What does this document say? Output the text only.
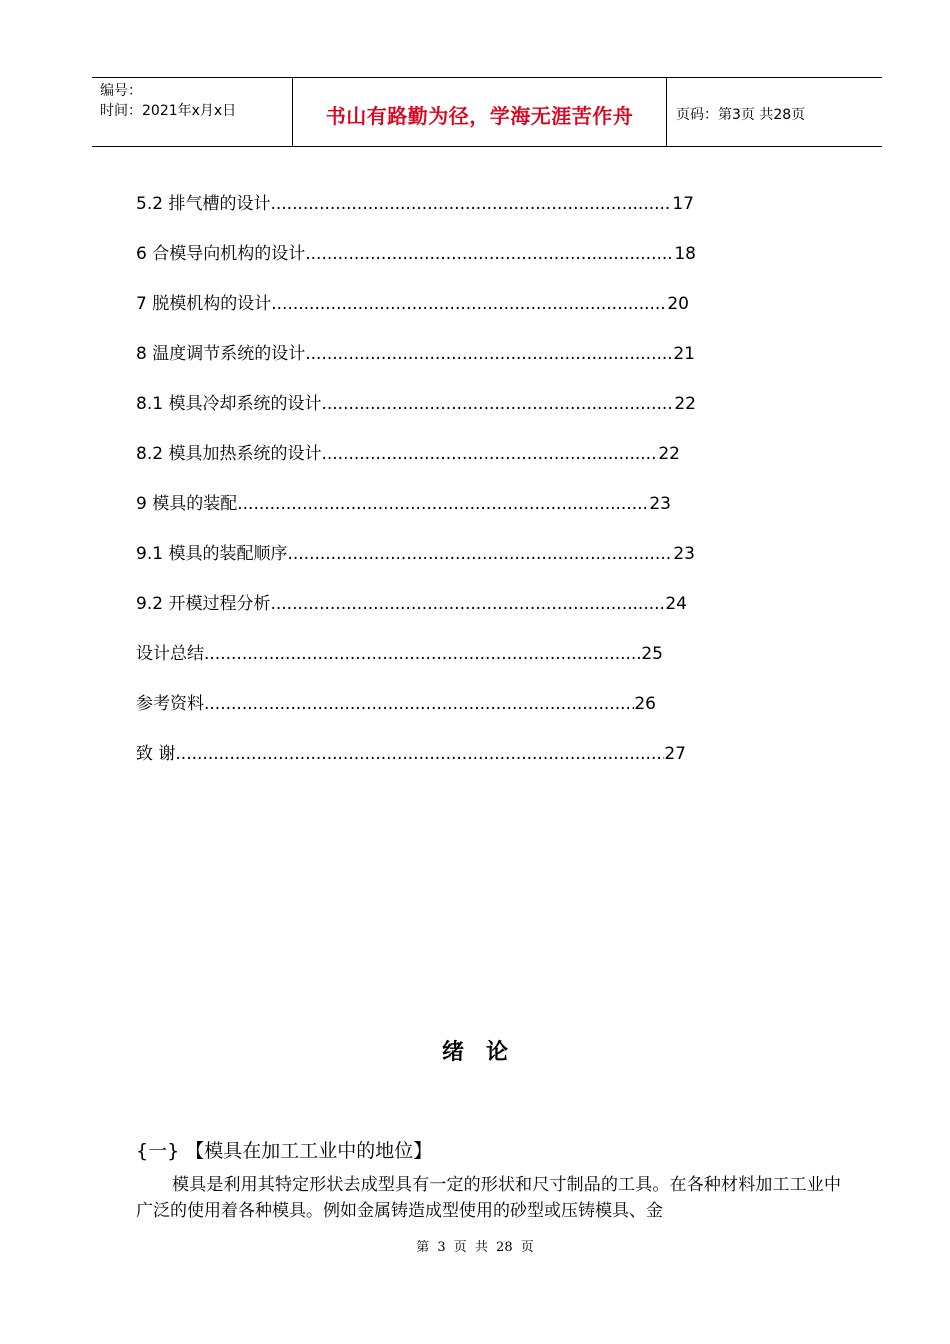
编号：
时间：2021年x月x日	书山有路勤为径，学海无涯苦作舟	页码：第3页 共28页
5.2 排气槽的设计 .....	17
6 合模导向机构的设计 .....	18
7 脱模机构的设计 .....	20
8 温度调节系统的设计 .....	21
8.1 模具冷却系统的设计 .....	22
8.2 模具加热系统的设计 .....	22
9 模具的装配 .....	23
9.1 模具的装配顺序 .....	23
9.2 开模过程分析 .....	24
设计总结 .....	25
参考资料 .....	26
致 谢 .....	27
绪论
{一} 【模具在加工工业中的地位】
模具是利用其特定形状去成型具有一定的形状和尺寸制品的工具。在各种材料加工工业中广泛的使用着各种模具。例如金属铸造成型使用的砂型或压铸模具、金
第 3 页 共 28 页
